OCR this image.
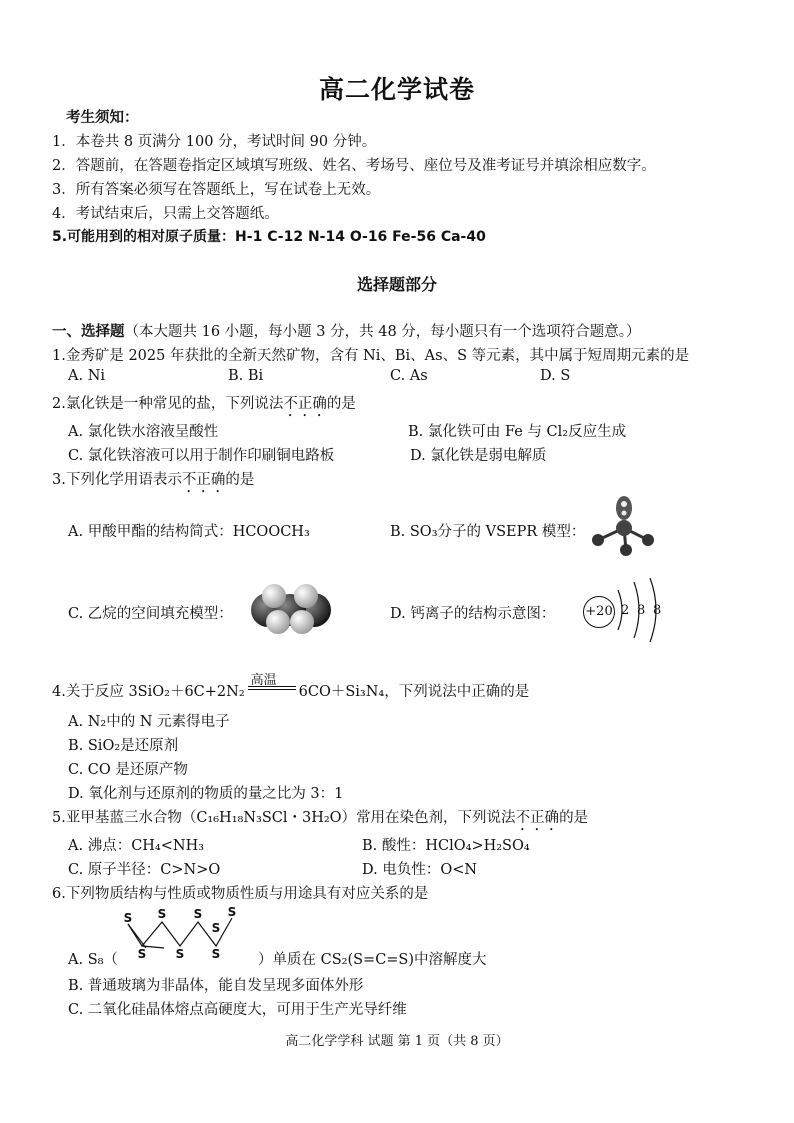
高二化学试卷
考生须知：
1．本卷共 8 页满分 100 分，考试时间 90 分钟。
2．答题前，在答题卷指定区域填写班级、姓名、考场号、座位号及准考证号并填涂相应数字。
3．所有答案必须写在答题纸上，写在试卷上无效。
4．考试结束后，只需上交答题纸。
5.可能用到的相对原子质量：H-1 C-12 N-14 O-16 Fe-56 Ca-40
选择题部分
一、选择题（本大题共 16 小题，每小题 3 分，共 48 分，每小题只有一个选项符合题意。）
1.金秀矿是 2025 年获批的全新天然矿物，含有 Ni、Bi、As、S 等元素，其中属于短周期元素的是
A. Ni	B. Bi	C. As	D. S
2.氯化铁是一种常见的盐，下列说法不正确的是
A. 氯化铁水溶液呈酸性	B. 氯化铁可由 Fe 与 Cl₂反应生成
C. 氯化铁溶液可以用于制作印刷铜电路板	D. 氯化铁是弱电解质
3.下列化学用语表示不正确的是
A. 甲酸甲酯的结构简式：HCOOCH₃	B. SO₃分子的 VSEPR 模型：
C. 乙烷的空间填充模型：	D. 钙离子的结构示意图： +20 2 8 8
4.关于反应 3SiO₂＋6C+2N₂
高温
6CO＋Si₃N₄，下列说法中正确的是
A. N₂中的 N 元素得电子
B. SiO₂是还原剂
C. CO 是还原产物
D. 氧化剂与还原剂的物质的量之比为 3：1
5.亚甲基蓝三水合物（C₁₆H₁₈N₃SCl・3H₂O）常用在染色剂，下列说法不正确的是
A. 沸点：CH₄<NH₃	B. 酸性：HClO₄>H₂SO₄
C. 原子半径：C>N>O	D. 电负性：O<N
6.下列物质结构与性质或物质性质与用途具有对应关系的是
A. S₈（
S
S
S
S
S
S
S
S
）单质在 CS₂(S=C=S)中溶解度大
B. 普通玻璃为非晶体，能自发呈现多面体外形
C. 二氧化硅晶体熔点高硬度大，可用于生产光导纤维
高二化学学科 试题 第 1 页（共 8 页）
